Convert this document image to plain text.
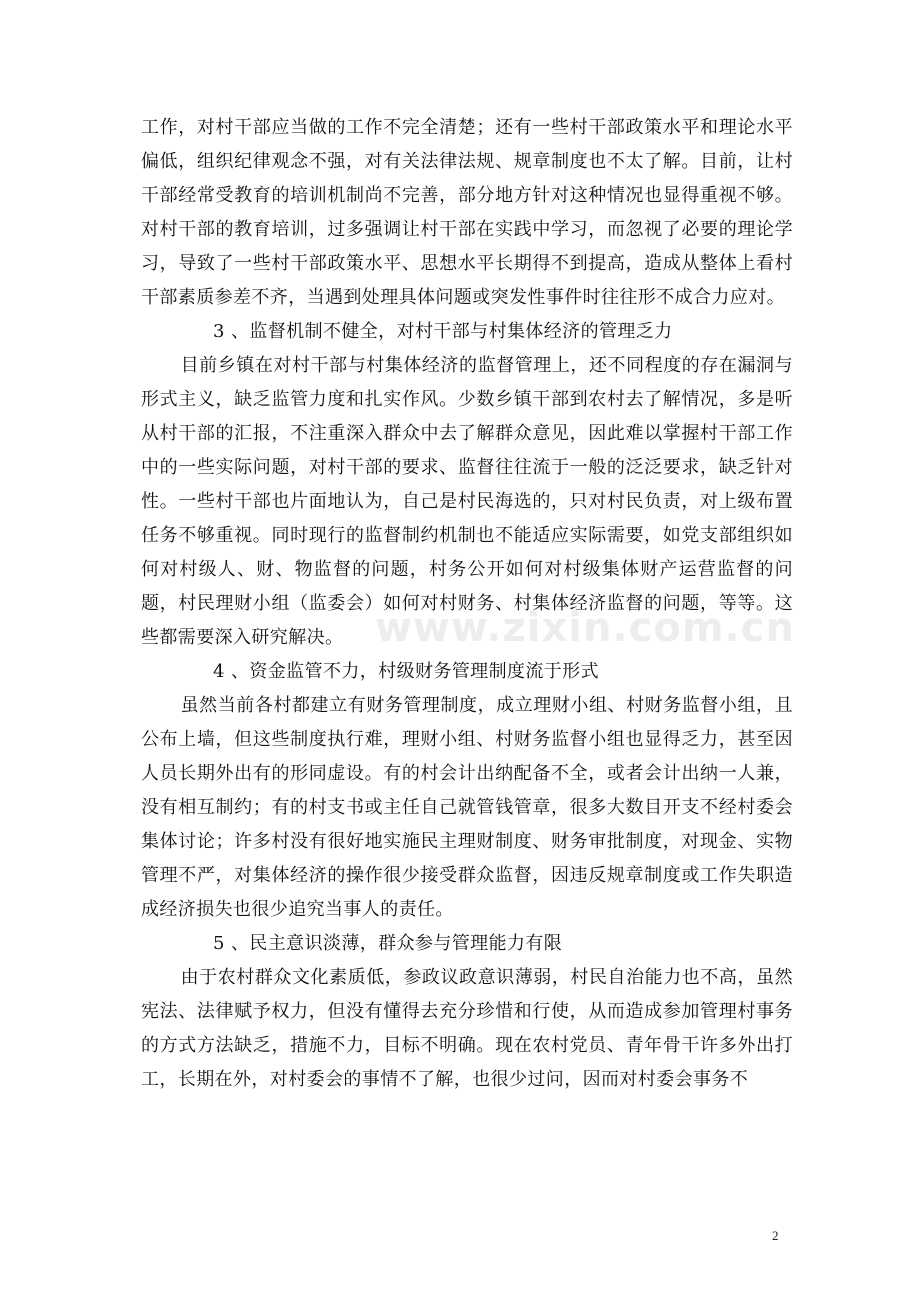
工作，对村干部应当做的工作不完全清楚；还有一些村干部政策水平和理论水平偏低，组织纪律观念不强，对有关法律法规、规章制度也不太了解。目前，让村干部经常受教育的培训机制尚不完善，部分地方针对这种情况也显得重视不够。对村干部的教育培训，过多强调让村干部在实践中学习，而忽视了必要的理论学习，导致了一些村干部政策水平、思想水平长期得不到提高，造成从整体上看村干部素质参差不齐，当遇到处理具体问题或突发性事件时往往形不成合力应对。

3 、监督机制不健全，对村干部与村集体经济的管理乏力

目前乡镇在对村干部与村集体经济的监督管理上，还不同程度的存在漏洞与形式主义，缺乏监管力度和扎实作风。少数乡镇干部到农村去了解情况，多是听从村干部的汇报，不注重深入群众中去了解群众意见，因此难以掌握村干部工作中的一些实际问题，对村干部的要求、监督往往流于一般的泛泛要求，缺乏针对性。一些村干部也片面地认为，自己是村民海选的，只对村民负责，对上级布置任务不够重视。同时现行的监督制约机制也不能适应实际需要，如党支部组织如何对村级人、财、物监督的问题，村务公开如何对村级集体财产运营监督的问题，村民理财小组（监委会）如何对村财务、村集体经济监督的问题，等等。这些都需要深入研究解决。

4 、资金监管不力，村级财务管理制度流于形式

虽然当前各村都建立有财务管理制度，成立理财小组、村财务监督小组，且公布上墙，但这些制度执行难，理财小组、村财务监督小组也显得乏力，甚至因人员长期外出有的形同虚设。有的村会计出纳配备不全，或者会计出纳一人兼，没有相互制约；有的村支书或主任自己就管钱管章，很多大数目开支不经村委会集体讨论；许多村没有很好地实施民主理财制度、财务审批制度，对现金、实物管理不严，对集体经济的操作很少接受群众监督，因违反规章制度或工作失职造成经济损失也很少追究当事人的责任。

5 、民主意识淡薄，群众参与管理能力有限

由于农村群众文化素质低，参政议政意识薄弱，村民自治能力也不高，虽然宪法、法律赋予权力，但没有懂得去充分珍惜和行使，从而造成参加管理村事务的方式方法缺乏，措施不力，目标不明确。现在农村党员、青年骨干许多外出打工，长期在外，对村委会的事情不了解，也很少过问，因而对村委会事务不

www.zixin.com.cn
2
